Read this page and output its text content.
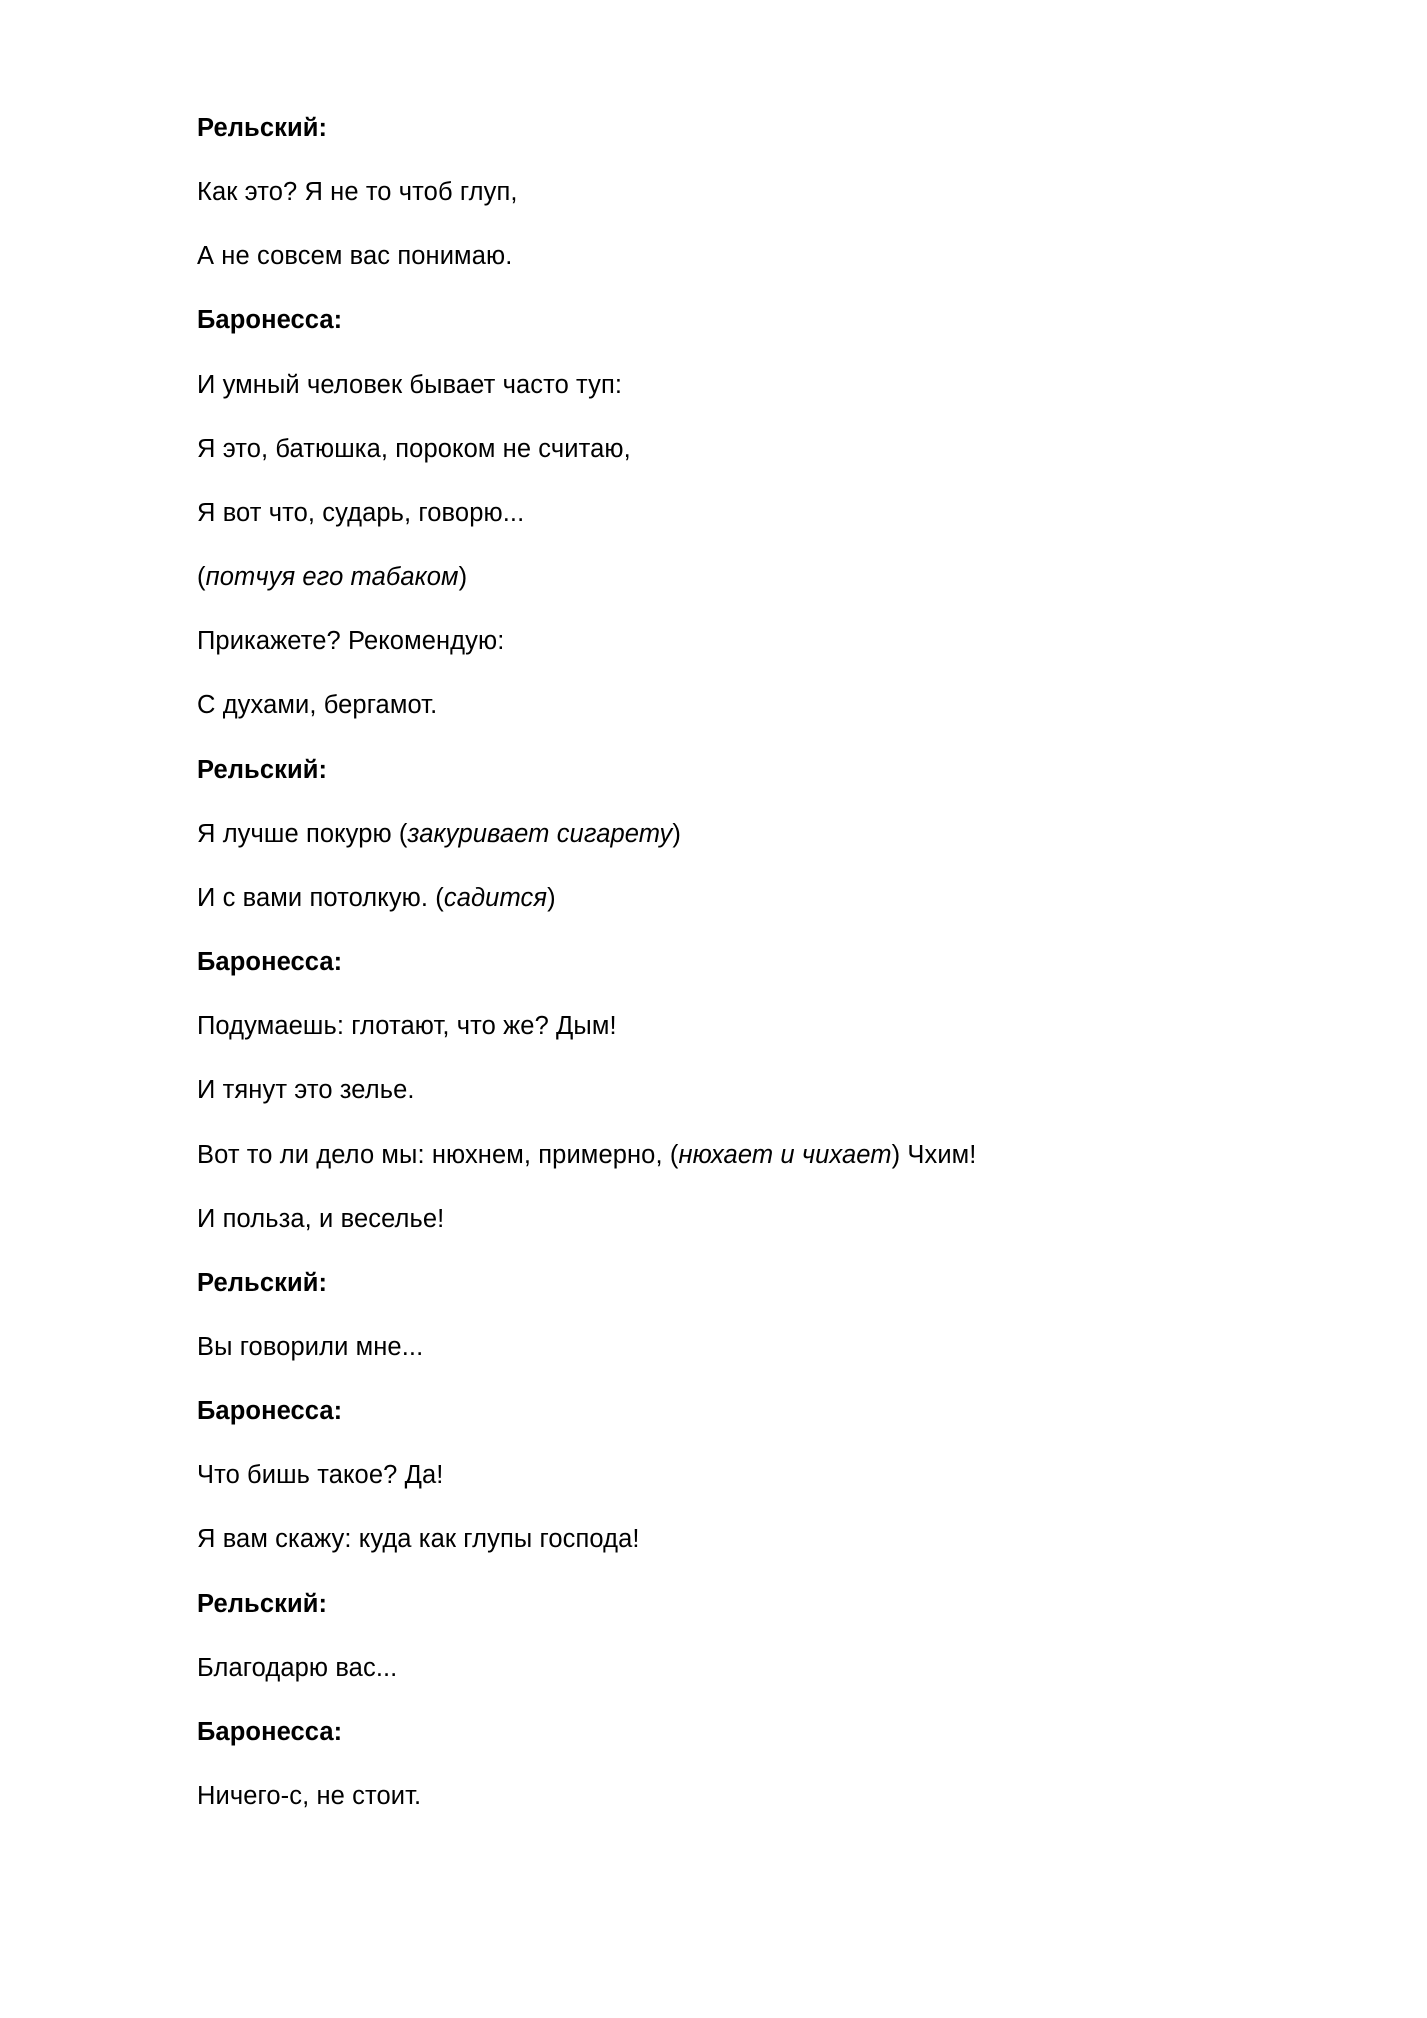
Рельский:

Как это? Я не то чтоб глуп,

А не совсем вас понимаю.

Баронесса:

И умный человек бывает часто туп:

Я это, батюшка, пороком не считаю,

Я вот что, сударь, говорю...

(потчуя его табаком)

Прикажете? Рекомендую:

С духами, бергамот.

Рельский:

Я лучше покурю (закуривает сигарету)

И с вами потолкую. (садится)

Баронесса:

Подумаешь: глотают, что же? Дым!

И тянут это зелье.

Вот то ли дело мы: нюхнем, примерно, (нюхает и чихает) Чхим!

И польза, и веселье!

Рельский:

Вы говорили мне...

Баронесса:

Что бишь такое? Да!

Я вам скажу: куда как глупы господа!

Рельский:

Благодарю вас...

Баронесса:

Ничего-с, не стоит.
